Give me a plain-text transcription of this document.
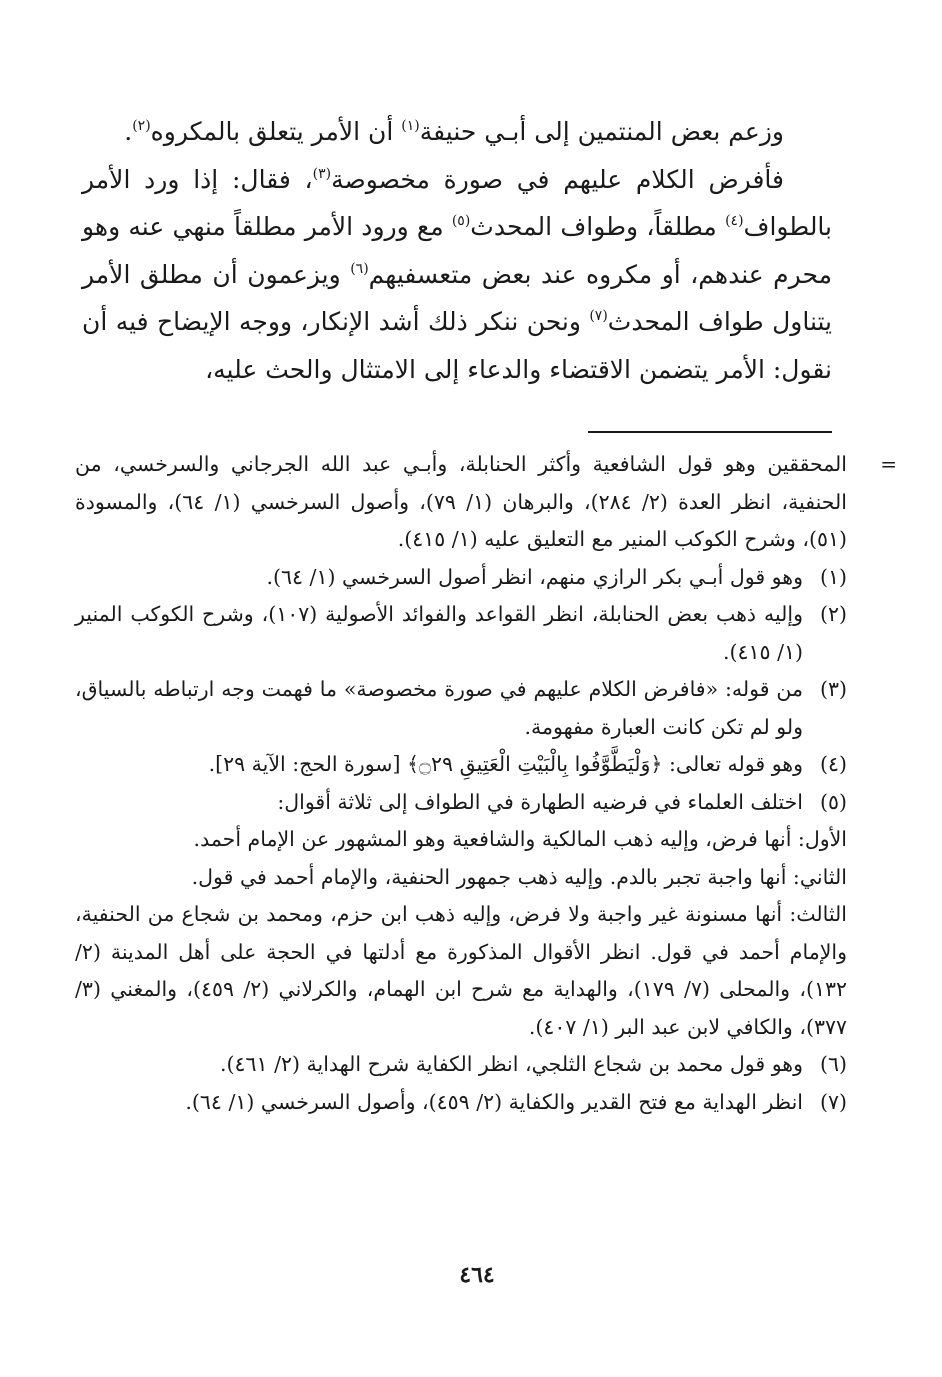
وزعم بعض المنتمين إلى أبـي حنيفة$^{(١)}$ أن الأمر يتعلق بالمكروه$^{(٢)}$.

فأفرض الكلام عليهم في صورة مخصوصة$^{(٣)}$، فقال: إذا ورد الأمر بالطواف$^{(٤)}$ مطلقاً، وطواف المحدث$^{(٥)}$ مع ورود الأمر مطلقاً منهي عنه وهو محرم عندهم، أو مكروه عند بعض متعسفيهم$^{(٦)}$ ويزعمون أن مطلق الأمر يتناول طواف المحدث$^{(٧)}$ ونحن ننكر ذلك أشد الإنكار، ووجه الإيضاح فيه أن نقول: الأمر يتضمن الاقتضاء والدعاء إلى الامتثال والحث عليه،

=
المحققين وهو قول الشافعية وأكثر الحنابلة، وأبـي عبد الله الجرجاني والسرخسي، من الحنفية، انظر العدة (٢/ ٢٨٤)، والبرهان (١/ ٧٩)، وأصول السرخسي (١/ ٦٤)، والمسودة (٥١)، وشرح الكوكب المنير مع التعليق عليه (١/ ٤١٥).
(١)
وهو قول أبـي بكر الرازي منهم، انظر أصول السرخسي (١/ ٦٤).
(٢)
وإليه ذهب بعض الحنابلة، انظر القواعد والفوائد الأصولية (١٠٧)، وشرح الكوكب المنير (١/ ٤١٥).
(٣)
من قوله: «فافرض الكلام عليهم في صورة مخصوصة» ما فهمت وجه ارتباطه بالسياق، ولو لم تكن كانت العبارة مفهومة.
(٤)
وهو قوله تعالى: ﴿وَلْيَطَّوَّفُوا بِالْبَيْتِ الْعَتِيقِ ۝٢٩﴾ [سورة الحج: الآية ٢٩].
(٥)
اختلف العلماء في فرضيه الطهارة في الطواف إلى ثلاثة أقوال:
الأول: أنها فرض، وإليه ذهب المالكية والشافعية وهو المشهور عن الإمام أحمد.
الثاني: أنها واجبة تجبر بالدم. وإليه ذهب جمهور الحنفية، والإمام أحمد في قول.
الثالث: أنها مسنونة غير واجبة ولا فرض، وإليه ذهب ابن حزم، ومحمد بن شجاع من الحنفية، والإمام أحمد في قول. انظر الأقوال المذكورة مع أدلتها في الحجة على أهل المدينة (٢/ ١٣٢)، والمحلى (٧/ ١٧٩)، والهداية مع شرح ابن الهمام، والكرلاني (٢/ ٤٥٩)، والمغني (٣/ ٣٧٧)، والكافي لابن عبد البر (١/ ٤٠٧).
(٦)
وهو قول محمد بن شجاع الثلجي، انظر الكفاية شرح الهداية (٢/ ٤٦١).
(٧)
انظر الهداية مع فتح القدير والكفاية (٢/ ٤٥٩)، وأصول السرخسي (١/ ٦٤).
٤٦٤
